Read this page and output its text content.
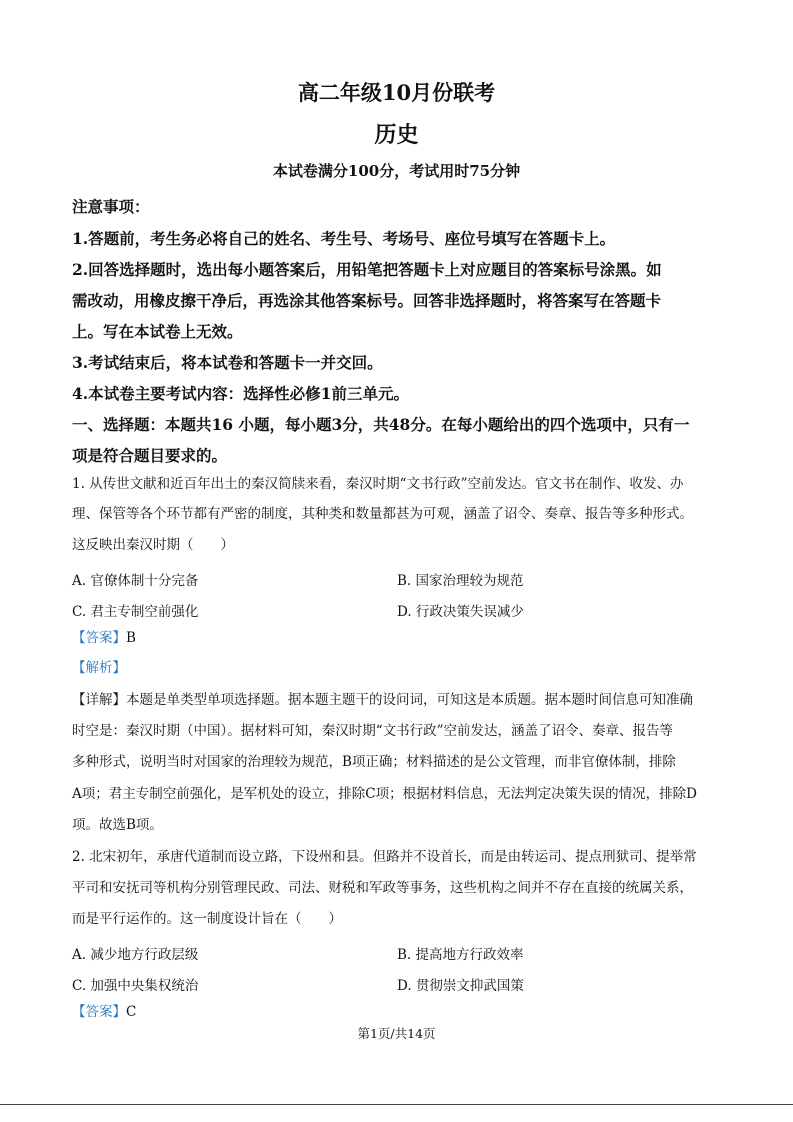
高二年级10月份联考
历史
本试卷满分100分，考试用时75分钟
注意事项：
1.答题前，考生务必将自己的姓名、考生号、考场号、座位号填写在答题卡上。
2.回答选择题时，选出每小题答案后，用铅笔把答题卡上对应题目的答案标号涂黑。如
需改动，用橡皮擦干净后，再选涂其他答案标号。回答非选择题时，将答案写在答题卡
上。写在本试卷上无效。
3.考试结束后，将本试卷和答题卡一并交回。
4.本试卷主要考试内容：选择性必修1前三单元。
一、选择题：本题共16 小题，每小题3分，共48分。在每小题给出的四个选项中，只有一
项是符合题目要求的。
1. 从传世文献和近百年出土的秦汉简牍来看，秦汉时期“文书行政”空前发达。官文书在制作、收发、办
理、保管等各个环节都有严密的制度，其种类和数量都甚为可观，涵盖了诏令、奏章、报告等多种形式。
这反映出秦汉时期（　　）
A. 官僚体制十分完备	B. 国家治理较为规范
C. 君主专制空前强化	D. 行政决策失误减少
【答案】B
【解析】
【详解】本题是单类型单项选择题。据本题主题干的设问词，可知这是本质题。据本题时间信息可知准确
时空是：秦汉时期（中国）。据材料可知，秦汉时期“文书行政”空前发达，涵盖了诏令、奏章、报告等
多种形式，说明当时对国家的治理较为规范，B项正确；材料描述的是公文管理，而非官僚体制，排除
A项；君主专制空前强化，是军机处的设立，排除C项；根据材料信息，无法判定决策失误的情况，排除D
项。故选B项。
2. 北宋初年，承唐代道制而设立路，下设州和县。但路并不设首长，而是由转运司、提点刑狱司、提举常
平司和安抚司等机构分别管理民政、司法、财税和军政等事务，这些机构之间并不存在直接的统属关系，
而是平行运作的。这一制度设计旨在（　　）
A. 减少地方行政层级	B. 提高地方行政效率
C. 加强中央集权统治	D. 贯彻崇文抑武国策
【答案】C
第1页/共14页
